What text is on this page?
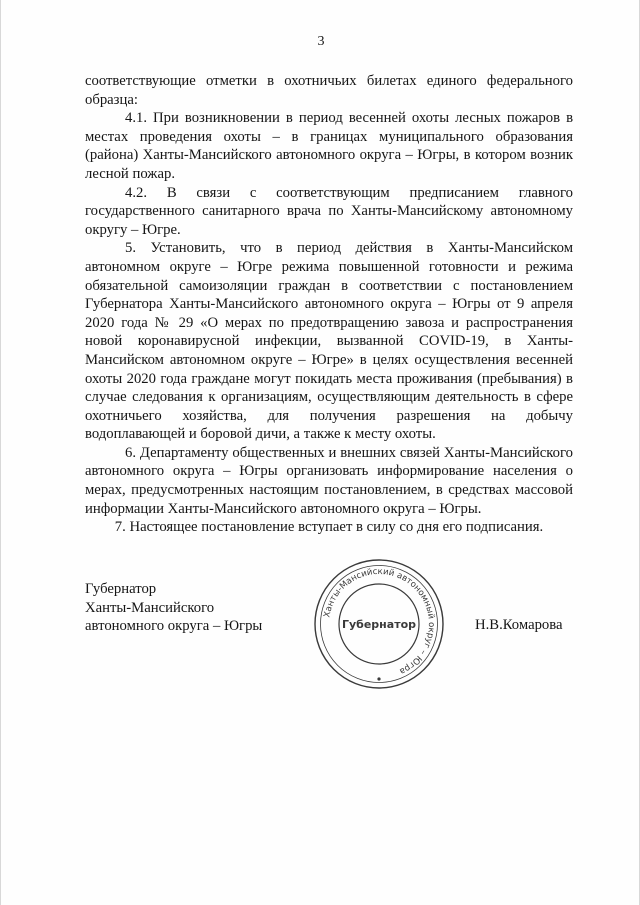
3

соответствующие отметки в охотничьих билетах единого федерального образца:

4.1. При возникновении в период весенней охоты лесных пожаров в местах проведения охоты – в границах муниципального образования (района) Ханты-Мансийского автономного округа – Югры, в котором возник лесной пожар.

4.2. В связи с соответствующим предписанием главного государственного санитарного врача по Ханты-Мансийскому автономному округу – Югре.

5. Установить, что в период действия в Ханты-Мансийском автономном округе – Югре режима повышенной готовности и режима обязательной самоизоляции граждан в соответствии с постановлением Губернатора Ханты-Мансийского автономного округа – Югры от 9 апреля 2020 года № 29 «О мерах по предотвращению завоза и распространения новой коронавирусной инфекции, вызванной COVID-19, в Ханты-Мансийском автономном округе – Югре» в целях осуществления весенней охоты 2020 года граждане могут покидать места проживания (пребывания) в случае следования к организациям, осуществляющим деятельность в сфере охотничьего хозяйства, для получения разрешения на добычу водоплавающей и боровой дичи, а также к месту охоты.

6. Департаменту общественных и внешних связей Ханты-Мансийского автономного округа – Югры организовать информирование населения о мерах, предусмотренных настоящим постановлением, в средствах массовой информации Ханты-Мансийского автономного округа – Югры.

7. Настоящее постановление вступает в силу со дня его подписания.

Губернатор
Ханты-Мансийского
автономного округа – Югры
Ханты-Мансийский автономный округ – Югра
Губернатор	Н.В.Комарова
